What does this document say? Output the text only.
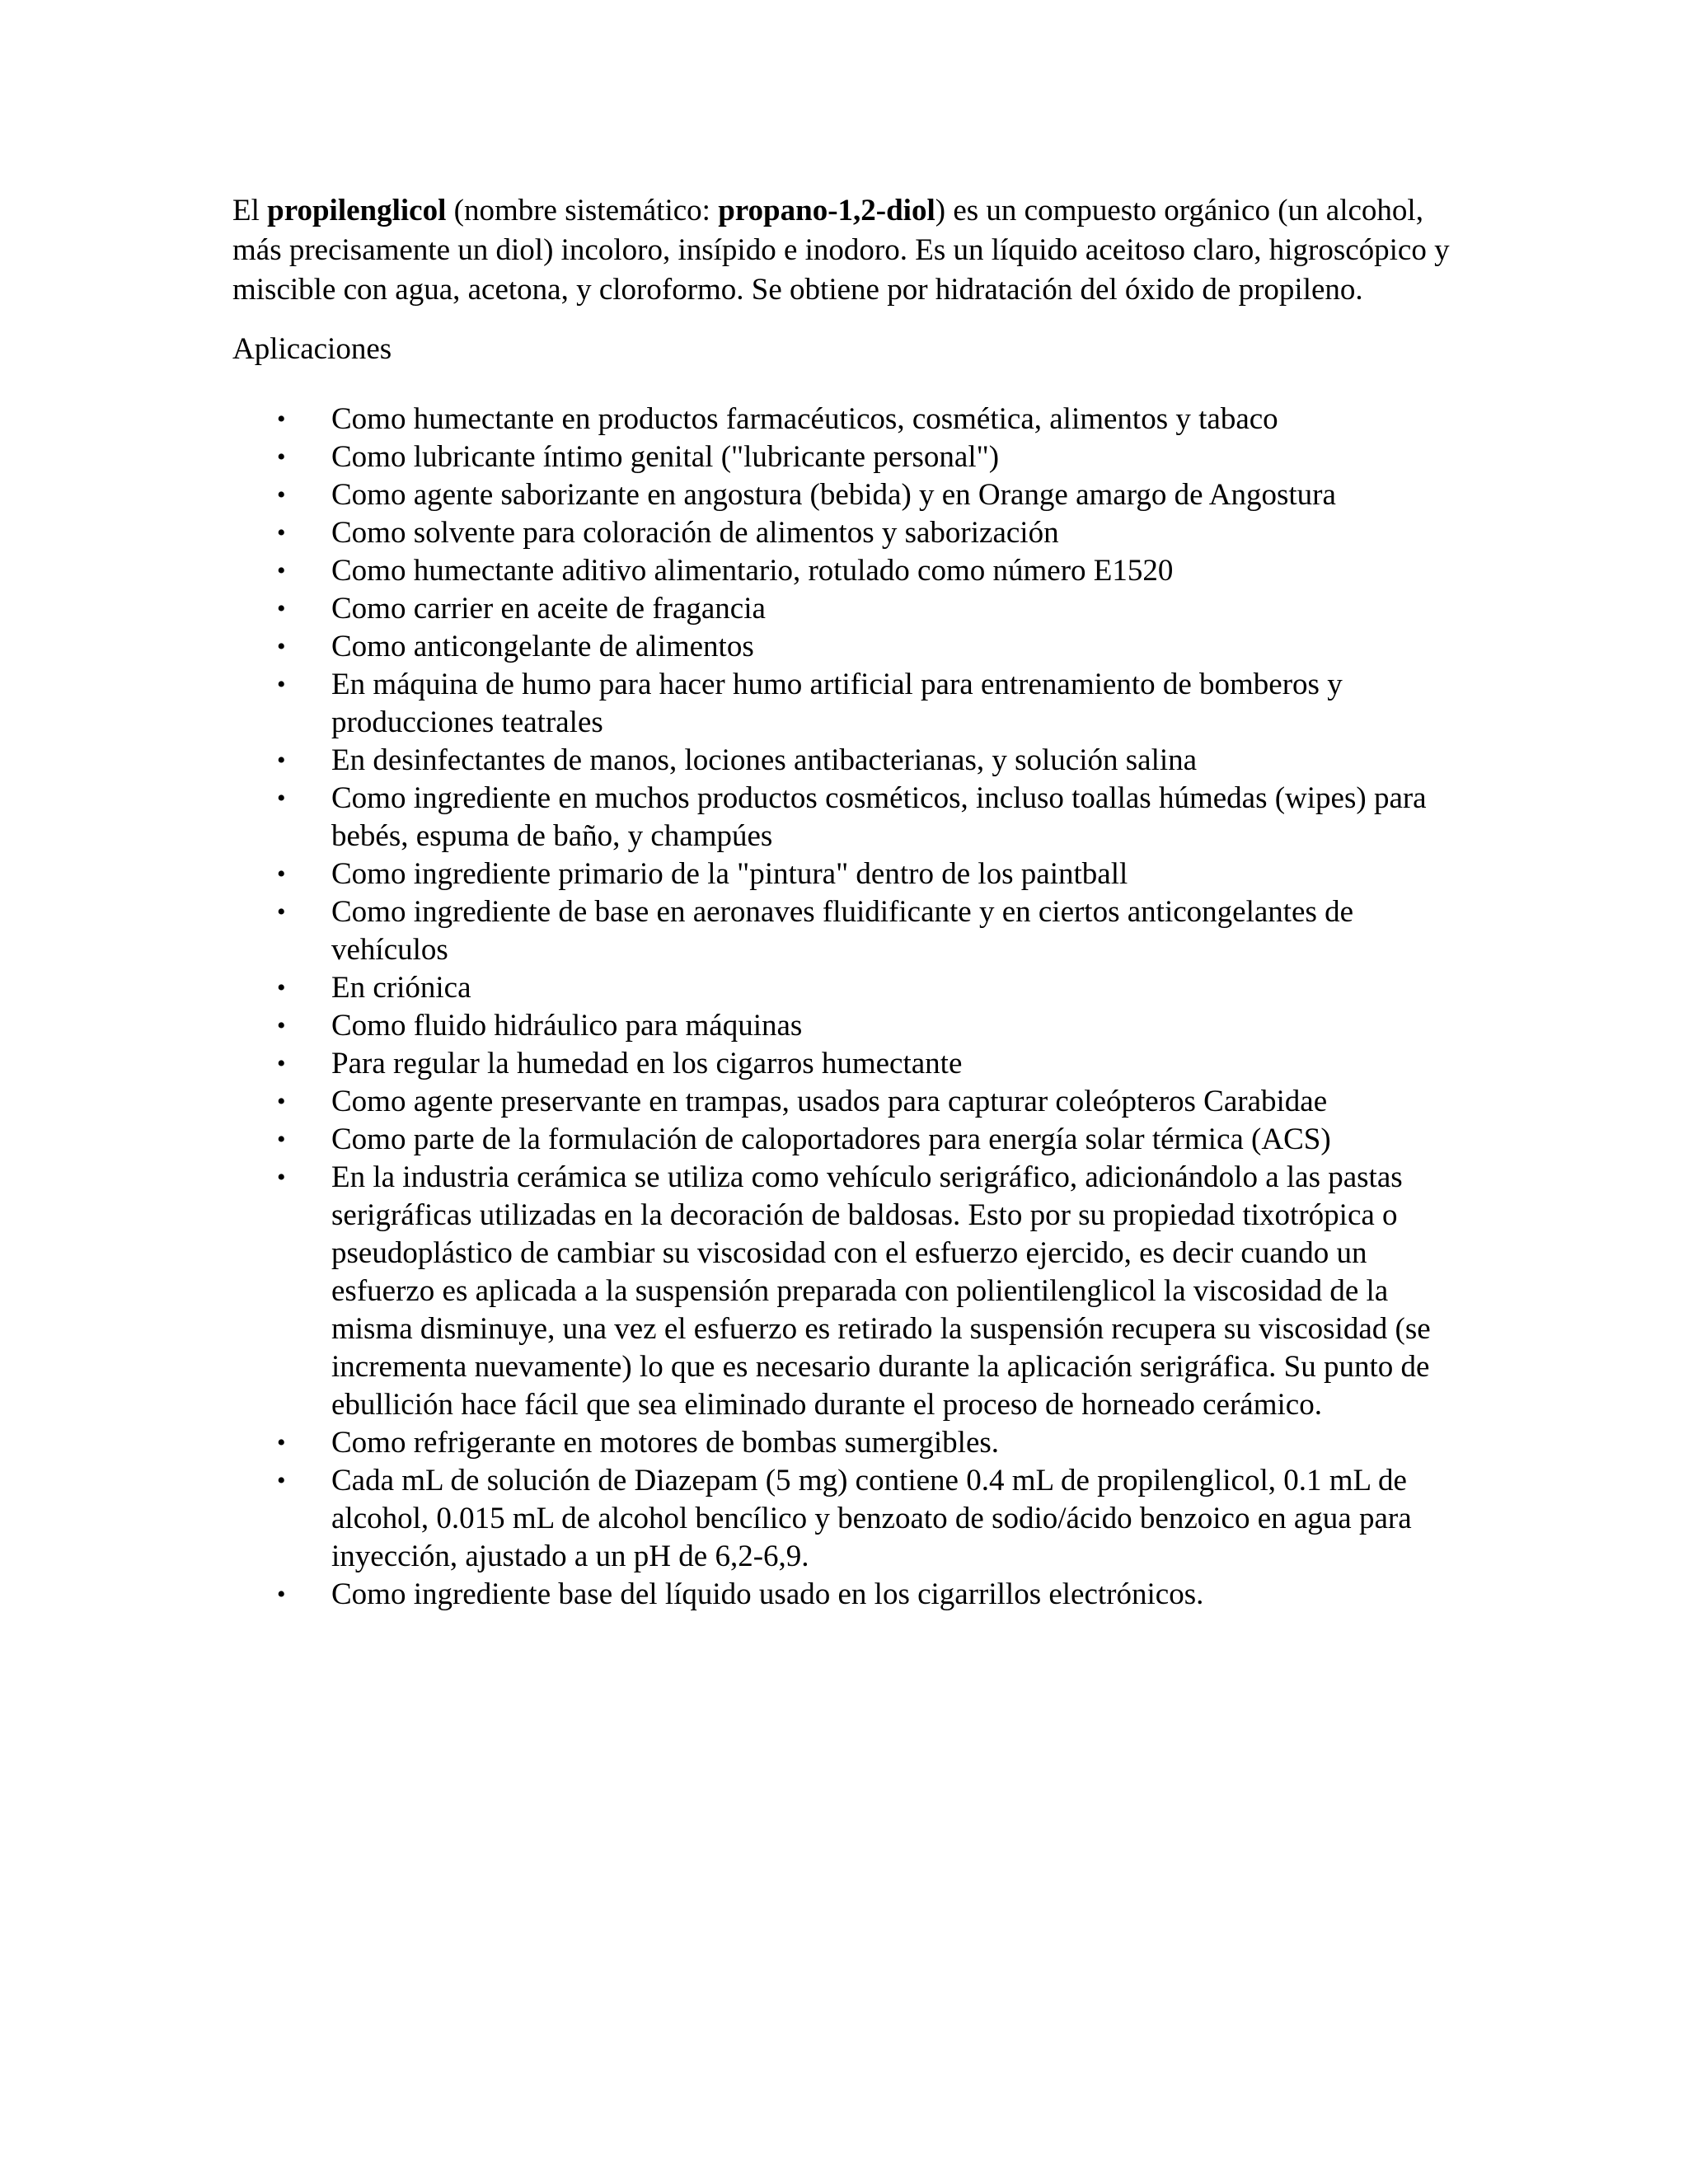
El propilenglicol (nombre sistemático: propano-1,2-diol) es un compuesto orgánico (un alcohol, más precisamente un diol) incoloro, insípido e inodoro. Es un líquido aceitoso claro, higroscópico y miscible con agua, acetona, y cloroformo. Se obtiene por hidratación del óxido de propileno.

Aplicaciones

• Como humectante en productos farmacéuticos, cosmética, alimentos y tabaco
• Como lubricante íntimo genital ("lubricante personal")
• Como agente saborizante en angostura (bebida) y en Orange amargo de Angostura
• Como solvente para coloración de alimentos y saborización
• Como humectante aditivo alimentario, rotulado como número E1520
• Como carrier en aceite de fragancia
• Como anticongelante de alimentos
• En máquina de humo para hacer humo artificial para entrenamiento de bomberos y producciones teatrales
• En desinfectantes de manos, lociones antibacterianas, y solución salina
• Como ingrediente en muchos productos cosméticos, incluso toallas húmedas (wipes) para bebés, espuma de baño, y champúes
• Como ingrediente primario de la "pintura" dentro de los paintball
• Como ingrediente de base en aeronaves fluidificante y en ciertos anticongelantes de vehículos
• En criónica
• Como fluido hidráulico para máquinas
• Para regular la humedad en los cigarros humectante
• Como agente preservante en trampas, usados para capturar coleópteros Carabidae
• Como parte de la formulación de caloportadores para energía solar térmica (ACS)
• En la industria cerámica se utiliza como vehículo serigráfico, adicionándolo a las pastas serigráficas utilizadas en la decoración de baldosas. Esto por su propiedad tixotrópica o pseudoplástico de cambiar su viscosidad con el esfuerzo ejercido, es decir cuando un esfuerzo es aplicada a la suspensión preparada con polientilenglicol la viscosidad de la misma disminuye, una vez el esfuerzo es retirado la suspensión recupera su viscosidad (se incrementa nuevamente) lo que es necesario durante la aplicación serigráfica. Su punto de ebullición hace fácil que sea eliminado durante el proceso de horneado cerámico.
• Como refrigerante en motores de bombas sumergibles.
• Cada mL de solución de Diazepam (5 mg) contiene 0.4 mL de propilenglicol, 0.1 mL de alcohol, 0.015 mL de alcohol bencílico y benzoato de sodio/ácido benzoico en agua para inyección, ajustado a un pH de 6,2-6,9.
• Como ingrediente base del líquido usado en los cigarrillos electrónicos.
